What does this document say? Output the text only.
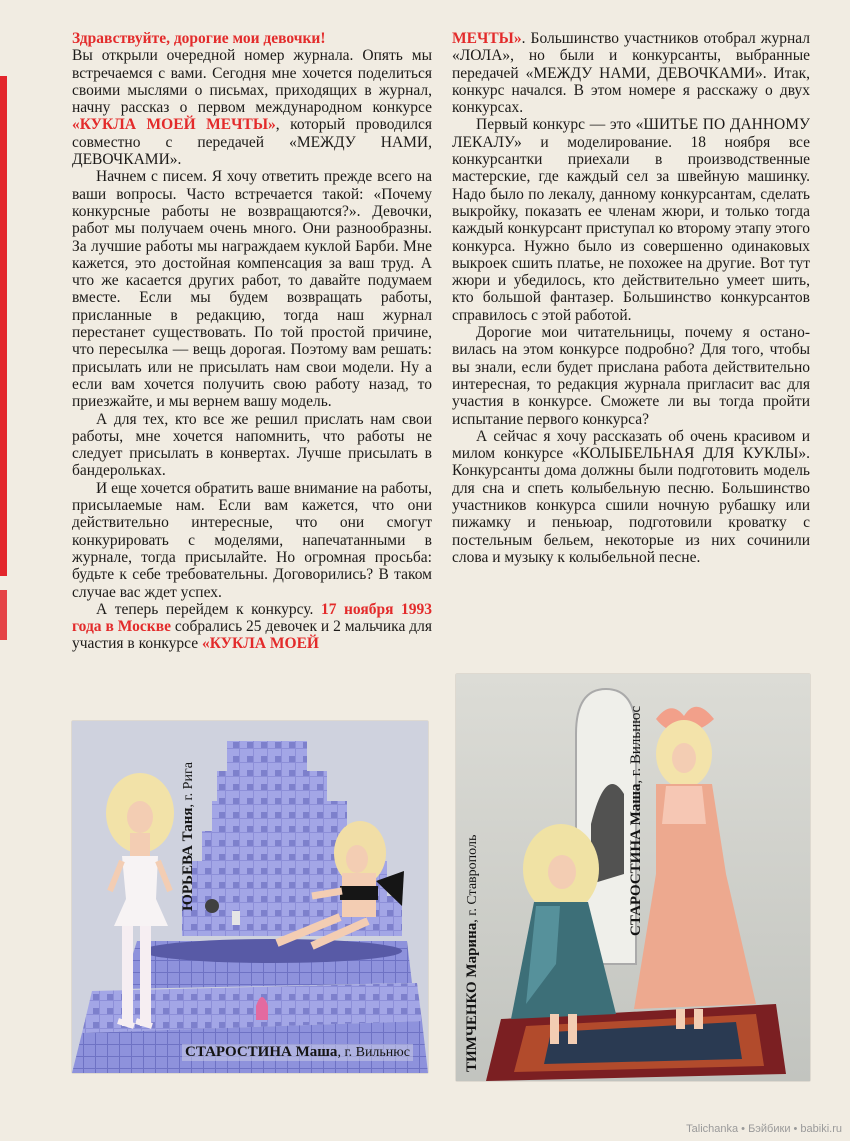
Здравствуйте, дорогие мои девочки!

Вы открыли очередной номер журнала. Опять мы встречаемся с вами. Сегодня мне хочется поделиться своими мыслями о письмах, приходящих в журнал, начну рассказ о первом международном конкурсе «КУКЛА МОЕЙ МЕЧТЫ», который проводился совместно с передачей «МЕЖДУ НАМИ, ДЕВОЧКАМИ».

Начнем с писем. Я хочу ответить прежде всего на ваши вопросы. Часто встречается такой: «Почему конкурсные работы не возвращаются?». Девочки, работ мы получаем очень много. Они разнообразны. За лучшие работы мы награждаем куклой Барби. Мне кажется, это достойная компенсация за ваш труд. А что же касается других работ, то давайте подумаем вместе. Если мы будем возвращать работы, присланные в редакцию, тогда наш журнал перестанет существовать. По той простой причине, что пересылка — вещь дорогая. Поэтому вам решать: присылать или не присылать нам свои модели. Ну а если вам хочется получить свою работу назад, то приезжайте, и мы вернем вашу модель.

А для тех, кто все же решил прислать нам свои работы, мне хочется напомнить, что работы не следует присылать в конвертах. Лучше присылать в бандерольках.

И еще хочется обратить ваше внимание на работы, присылаемые нам. Если вам кажется, что они действительно интересные, что они смогут конкурировать с моделями, напечатанными в журнале, тогда присылайте. Но огромная просьба: будьте к себе требовательны. Договорились? В таком случае вас ждет успех.

А теперь перейдем к конкурсу. 17 ноября 1993 года в Москве собрались 25 девочек и 2 мальчика для участия в конкурсе «КУКЛА МОЕЙ

МЕЧТЫ». Большинство участников отобрал журнал «ЛОЛА», но были и конкурсанты, выбранные передачей «МЕЖДУ НАМИ, ДЕВОЧКАМИ». Итак, конкурс начался. В этом номере я расскажу о двух конкурсах.

Первый конкурс — это «ШИТЬЕ ПО ДАННОМУ ЛЕКАЛУ» и моделирование. 18 ноября все конкурсантки приехали в производственные мастерские, где каждый сел за швейную машинку. Надо было по лекалу, данному конкурсантам, сделать выкройку, показать ее членам жюри, и только тогда каждый конкурсант приступал ко второму этапу этого конкурса. Нужно было из совершенно одинаковых выкроек сшить платье, не похожее на другие. Вот тут жюри и убедилось, кто действительно умеет шить, кто большой фантазер. Большинство конкурсантов справилось с этой работой.

Дорогие мои читательницы, почему я остановилась на этом конкурсе подробно? Для того, чтобы вы знали, если будет прислана работа действительно интересная, то редакция журнала пригласит вас для участия в конкурсе. Сможете ли вы тогда пройти испытание первого конкурса?

А сейчас я хочу рассказать об очень красивом и милом конкурсе «КОЛЫБЕЛЬНАЯ ДЛЯ КУКЛЫ». Конкурсанты дома должны были подготовить модель для сна и спеть колыбельную песню. Большинство участников конкурса сшили ночную рубашку или пижамку и пеньюар, подготовили кроватку с постельным бельем, некоторые из них сочинили слова и музыку к колыбельной песне.

ЮРЬЕВА Таня, г. Рига
СТАРОСТИНА Маша, г. Вильнюс	ТИМЧЕНКО Марина, г. Ставрополь	СТАРОСТИНА Маша, г. Вильнюс
Talichanka • Бэйбики • babiki.ru
